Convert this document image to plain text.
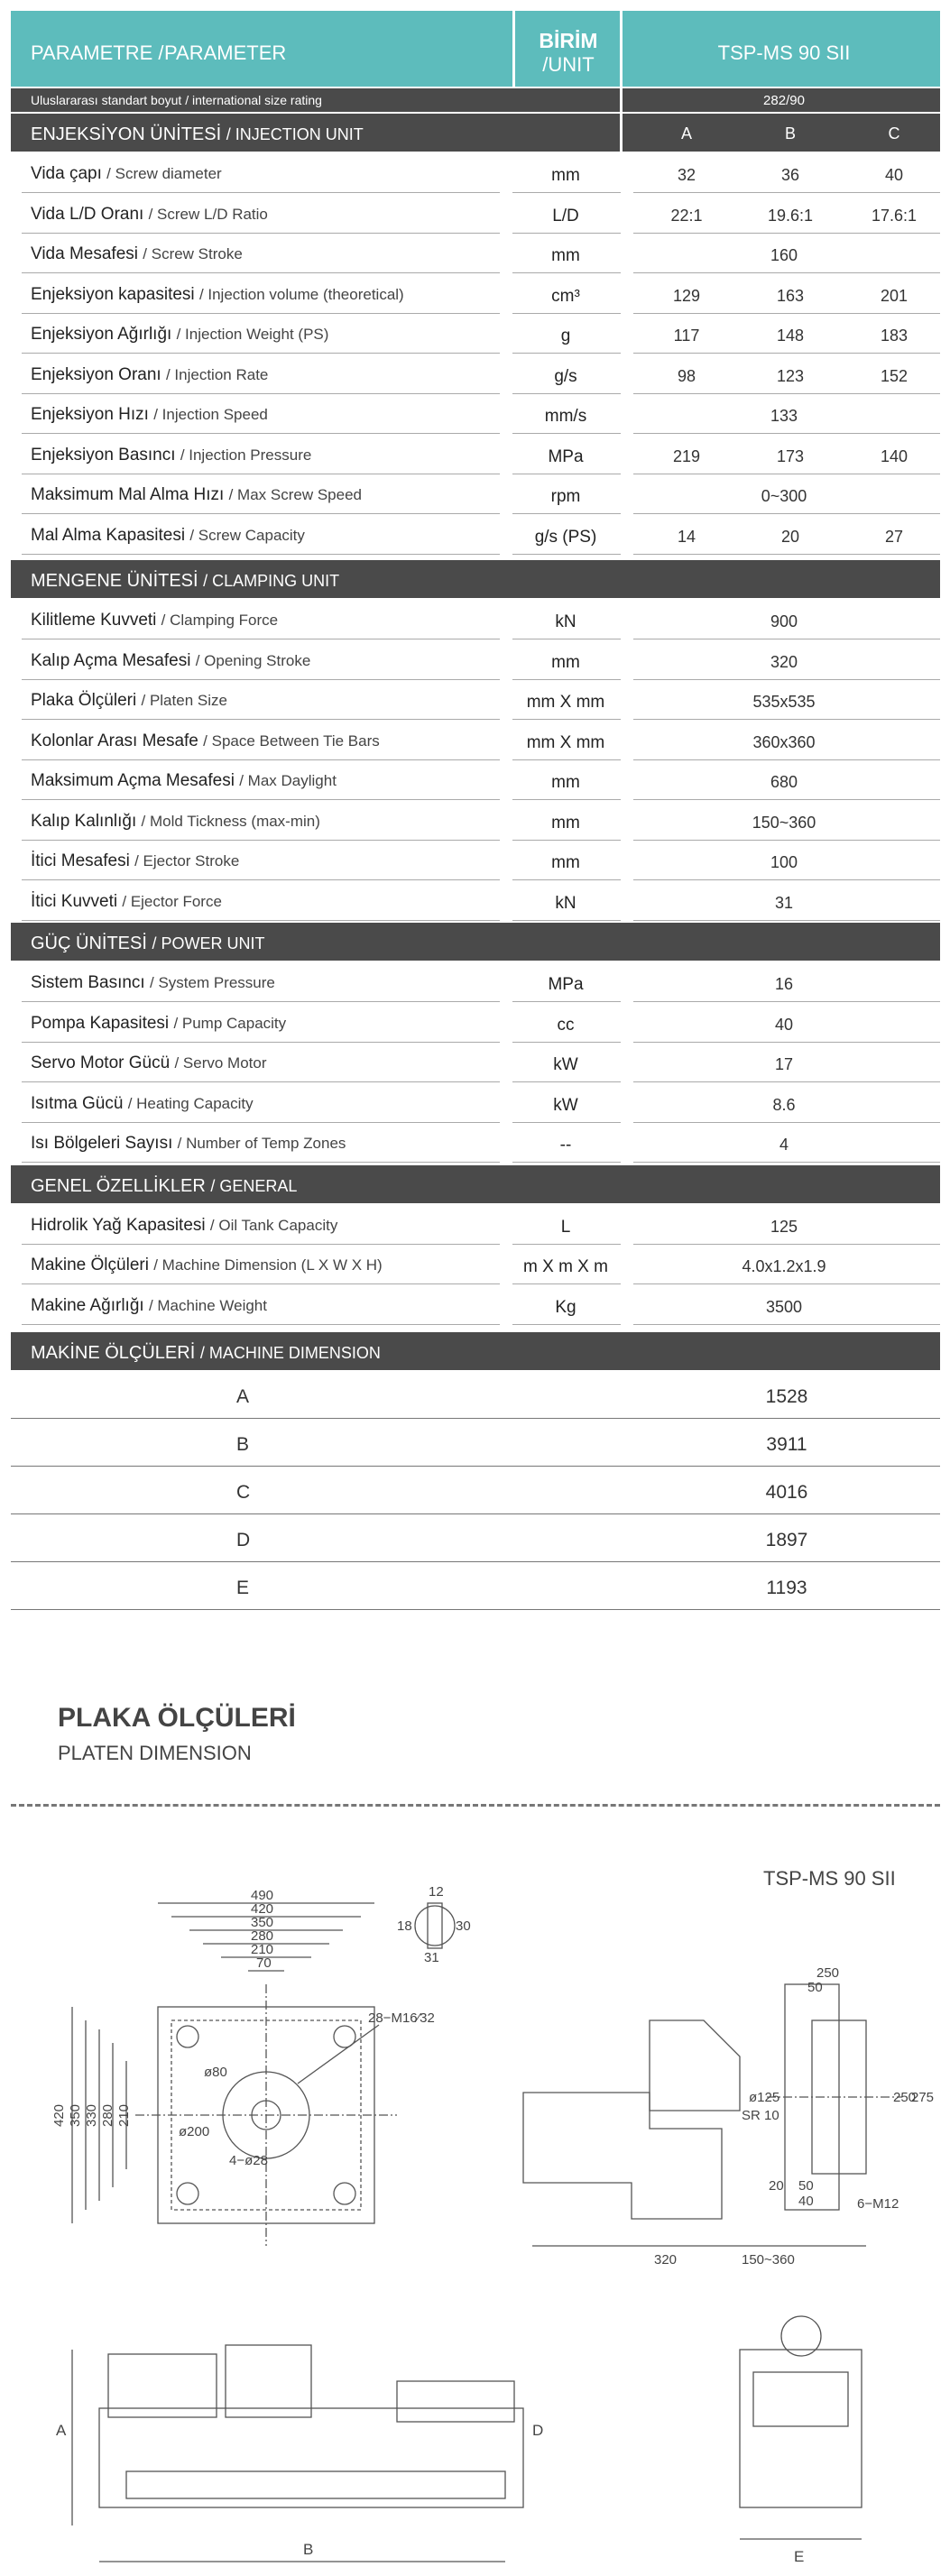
PARAMETRE / PARAMETER
BİRİM
/UNIT
TSP-MS 90 SII
Uluslararası standart boyut / international size rating	282/90
ENJEKSİYON ÜNİTESİ / INJECTION UNIT	A	B	C
Vida çapı / Screw diameter	mm	32	36	40
Vida L/D Oranı / Screw L/D Ratio	L/D	22:1	19.6:1	17.6:1
Vida Mesafesi / Screw Stroke	mm	160
Enjeksiyon kapasitesi / Injection volume (theoretical)	cm³	129	163	201
Enjeksiyon Ağırlığı / Injection Weight (PS)	g	117	148	183
Enjeksiyon Oranı / Injection Rate	g/s	98	123	152
Enjeksiyon Hızı / Injection Speed	mm/s	133
Enjeksiyon Basıncı / Injection Pressure	MPa	219	173	140
Maksimum Mal Alma Hızı / Max Screw Speed	rpm	0~300
Mal Alma Kapasitesi / Screw Capacity	g/s (PS)	14	20	27
MENGENE ÜNİTESİ / CLAMPING UNIT
Kilitleme Kuvveti / Clamping Force	kN	900
Kalıp Açma Mesafesi / Opening Stroke	mm	320
Plaka Ölçüleri / Platen Size	mm X mm	535x535
Kolonlar Arası Mesafe / Space Between Tie Bars	mm X mm	360x360
Maksimum Açma Mesafesi / Max Daylight	mm	680
Kalıp Kalınlığı / Mold Tickness (max-min)	mm	150~360
İtici Mesafesi / Ejector Stroke	mm	100
İtici Kuvveti / Ejector Force	kN	31
GÜÇ ÜNİTESİ / POWER UNIT
Sistem Basıncı / System Pressure	MPa	16
Pompa Kapasitesi / Pump Capacity	cc	40
Servo Motor Gücü / Servo Motor	kW	17
Isıtma Gücü / Heating Capacity	kW	8.6
Isı Bölgeleri Sayısı / Number of Temp Zones	--	4
GENEL ÖZELLİKLER / GENERAL
Hidrolik Yağ Kapasitesi / Oil Tank Capacity	L	125
Makine Ölçüleri / Machine Dimension (L X W X H)	m X m X m	4.0x1.2x1.9
Makine Ağırlığı / Machine Weight	Kg	3500
MAKİNE ÖLÇÜLERİ / MACHINE DIMENSION
A	1528
B	3911
C	4016
D	1897
E	1193
PLAKA ÖLÇÜLERİ
PLATEN DIMENSION
TSP-MS 90 SII
490
420
350
280
210
70
28−M16⁄32
ø80
ø200
4−ø28
12
18	30
31
250
50
ø125
SR 10
250
275
20 50
40	6−M12
320	150~360
A
B
D
E
420 350 330 280 210
